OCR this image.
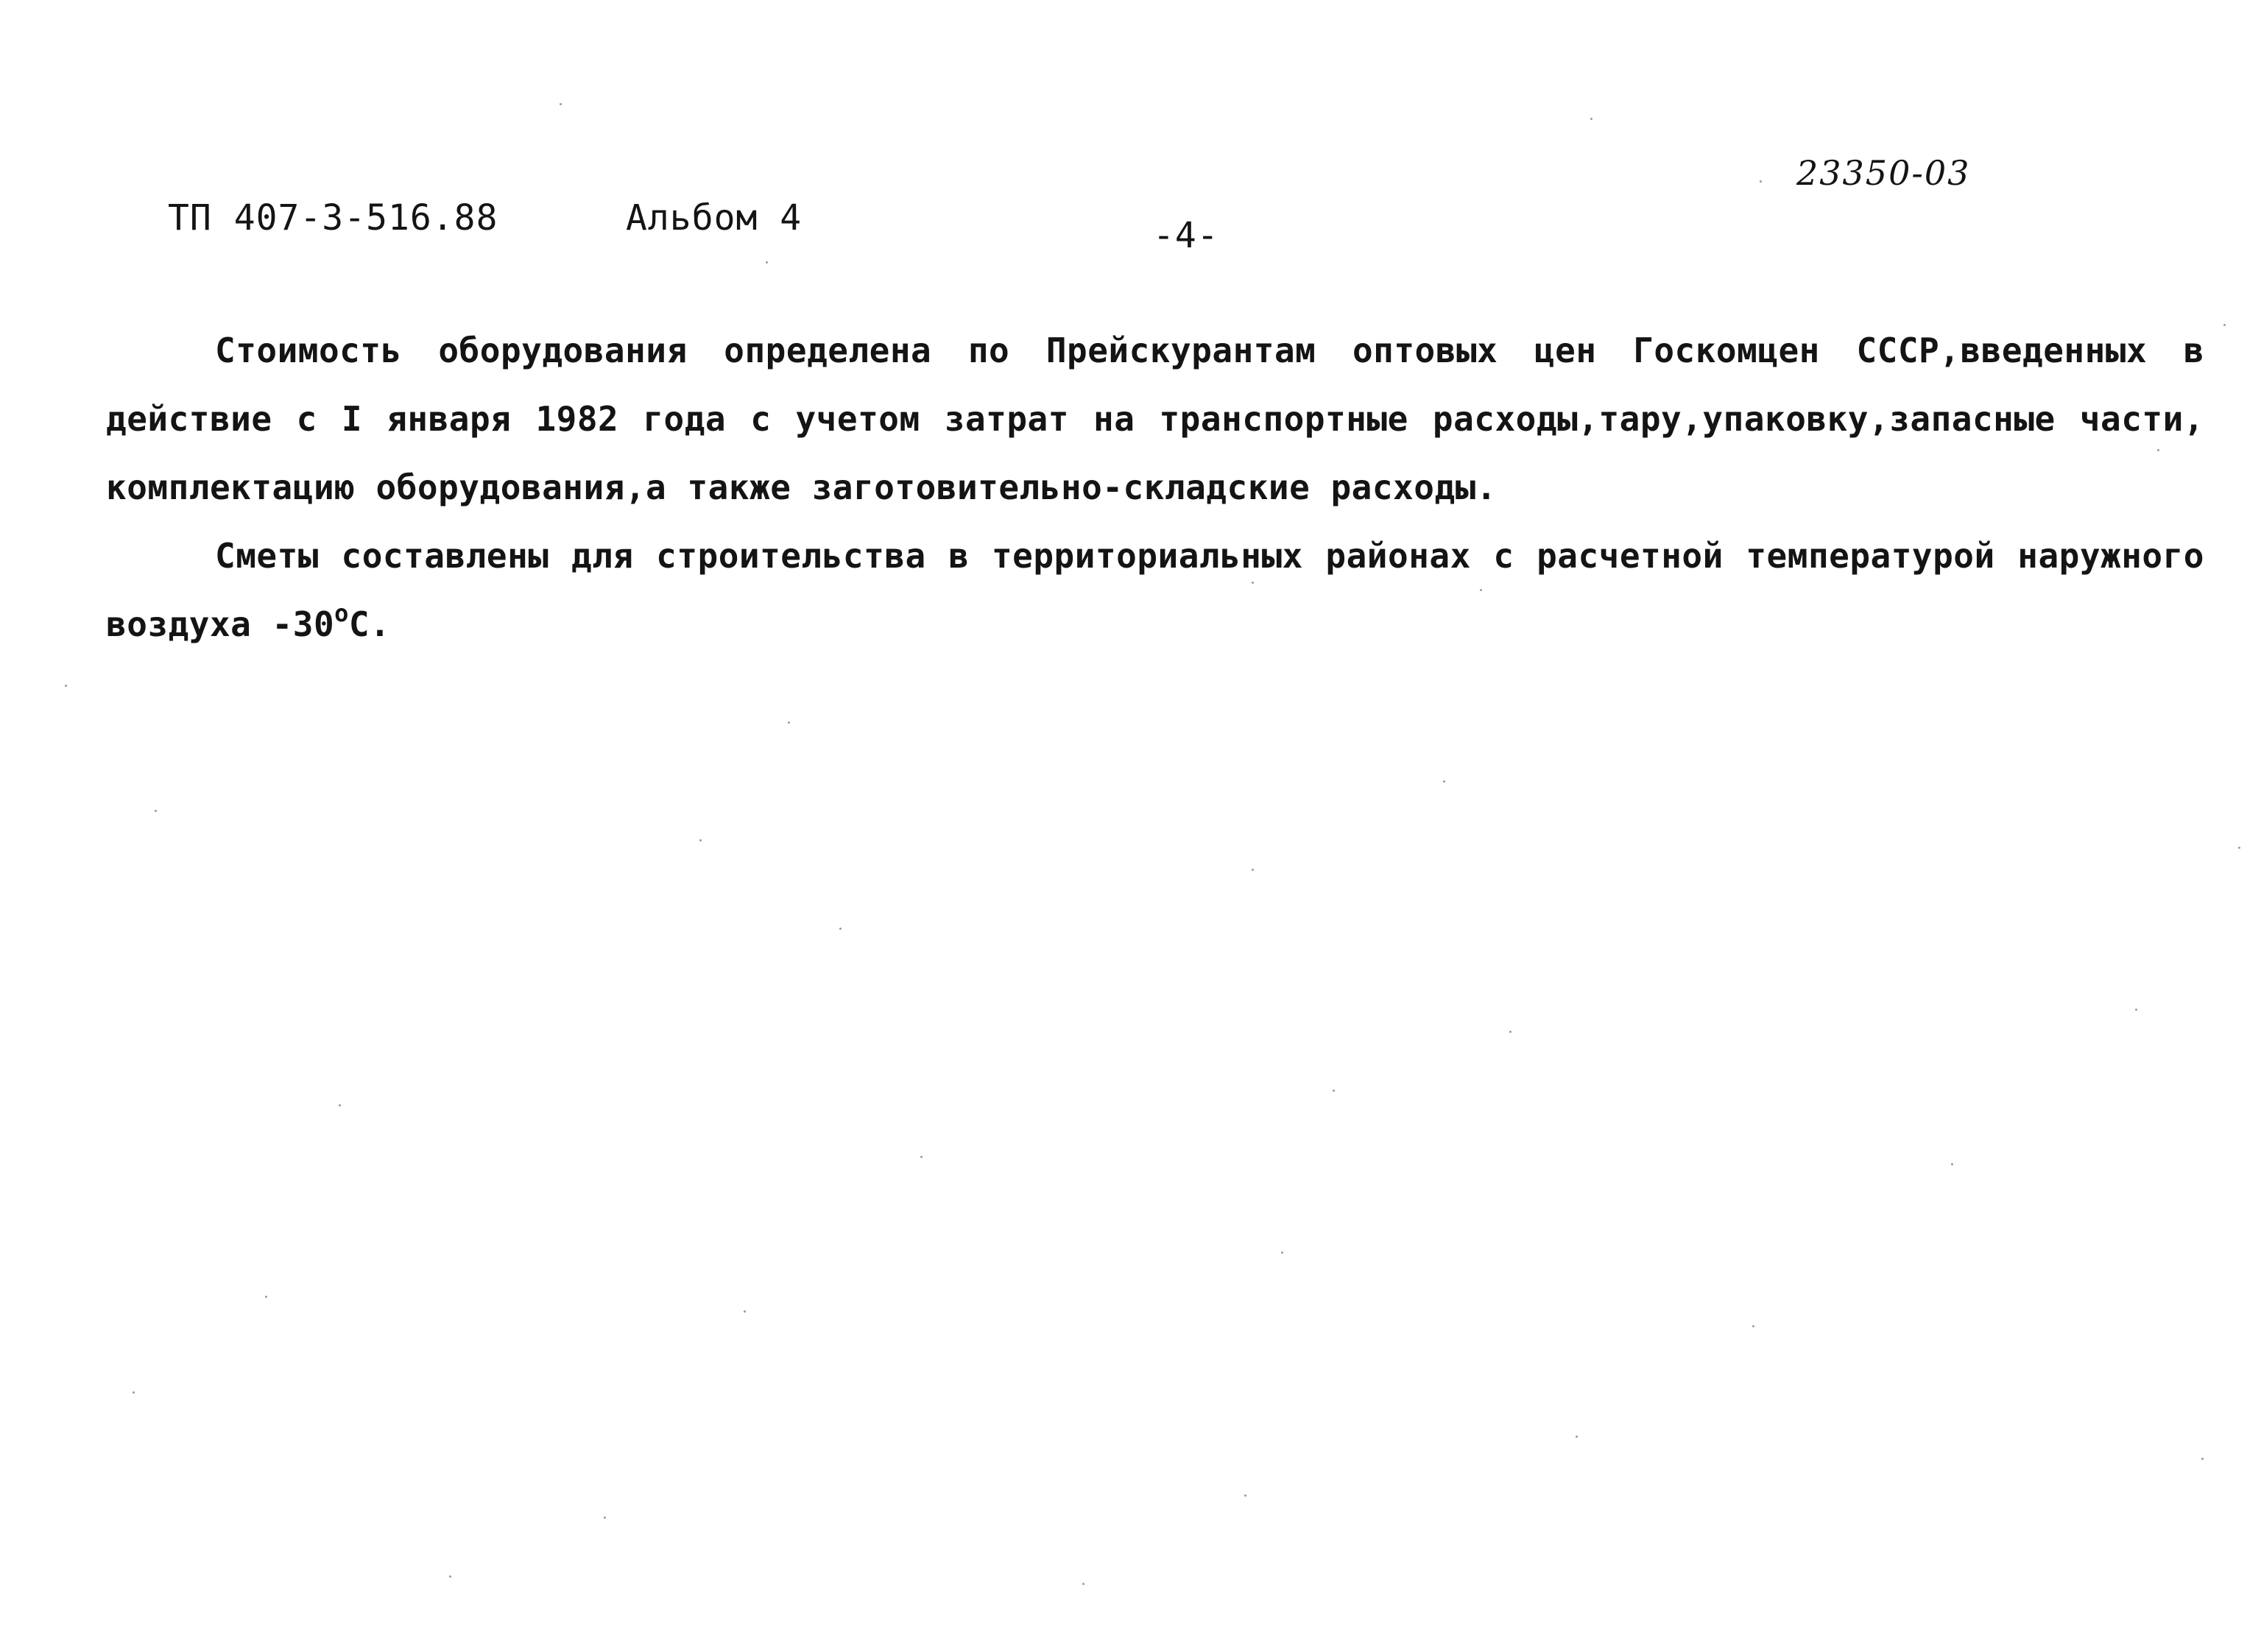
ТП 407-3-516.88	Альбом 4	-4-
23350-03

Стоимость оборудования определена по Прейскурантам оптовых цен Госкомцен СССР,введенных в действие с I января 1982 года с учетом затрат на транспортные расходы,тару,упаковку,запасные части, комплектацию оборудования,а также заготовительно-складские расходы.

Сметы составлены для строительства в территориальных районах с расчетной температурой наружного воздуха -30$^o$С.
